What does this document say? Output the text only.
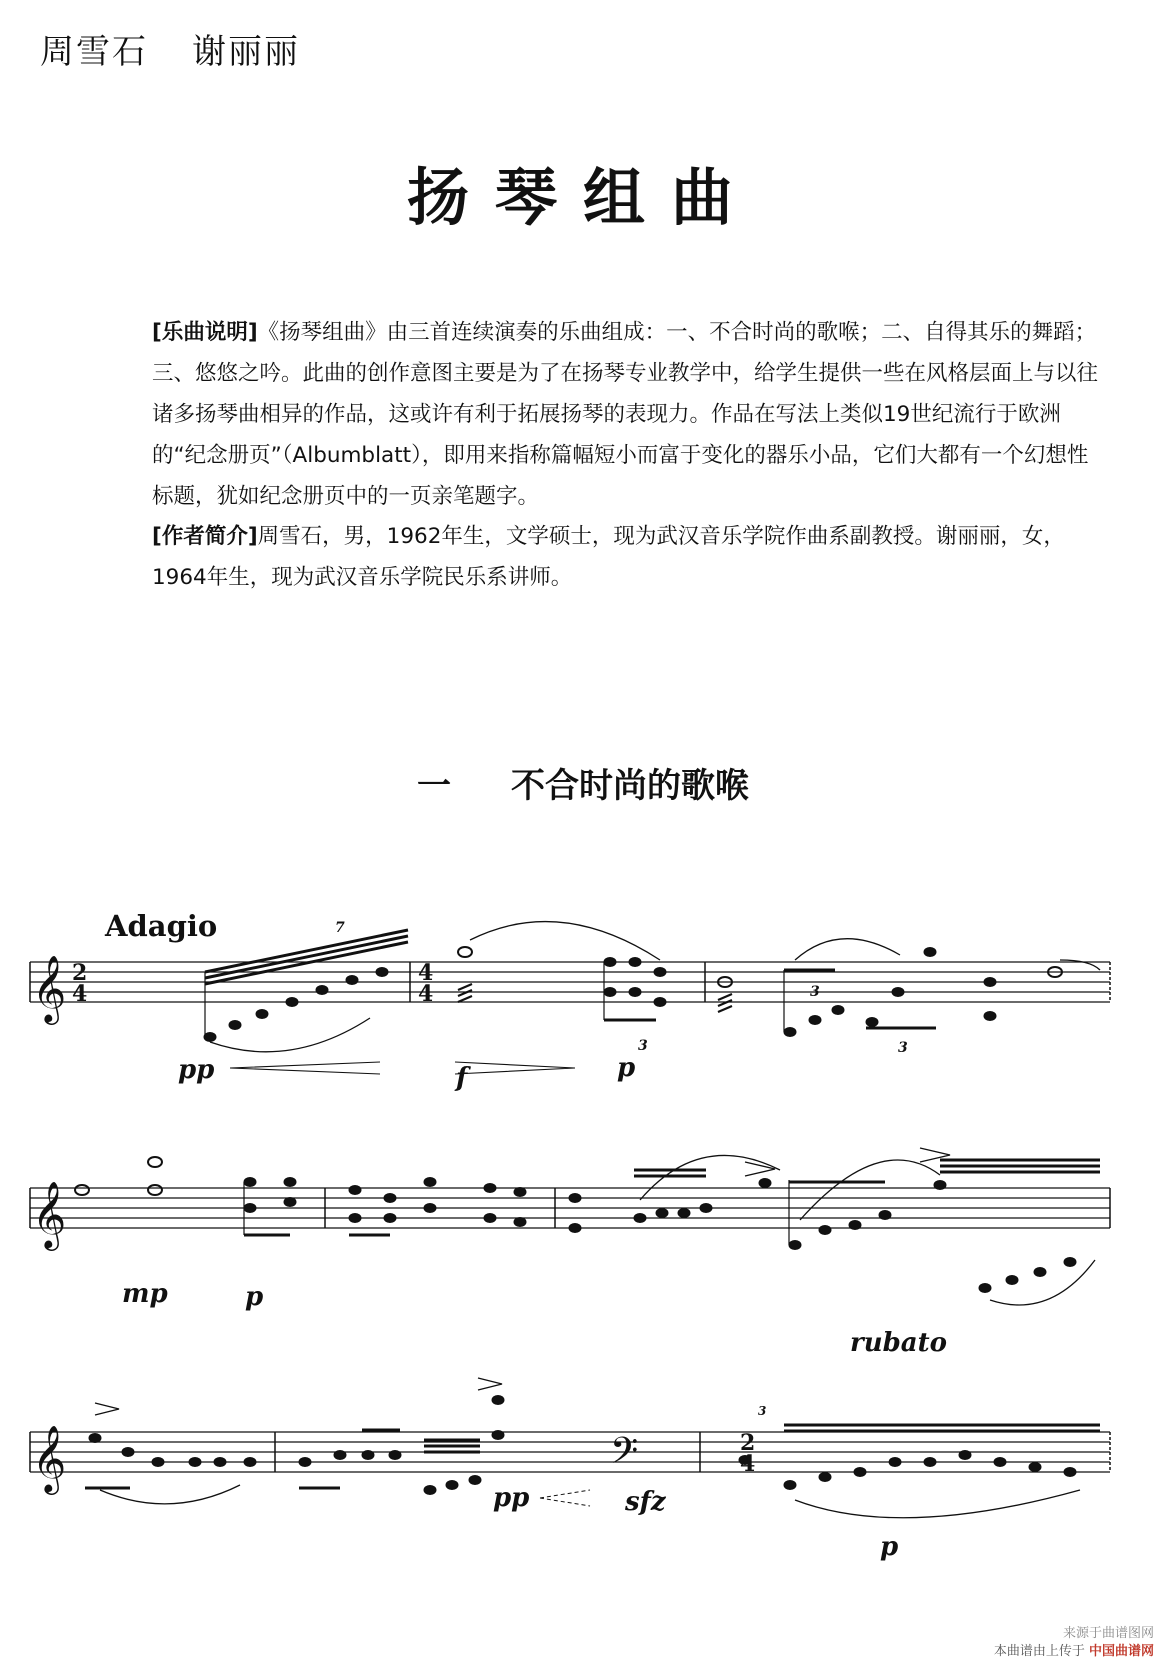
周雪石 谢丽丽
扬琴组曲
[乐曲说明]《扬琴组曲》由三首连续演奏的乐曲组成：一、不合时尚的歌喉；二、自得其乐的舞蹈；三、悠悠之吟。此曲的创作意图主要是为了在扬琴专业教学中，给学生提供一些在风格层面上与以往诸多扬琴曲相异的作品，这或许有利于拓展扬琴的表现力。作品在写法上类似19世纪流行于欧洲的“纪念册页”（Albumblatt），即用来指称篇幅短小而富于变化的器乐小品，它们大都有一个幻想性标题，犹如纪念册页中的一页亲笔题字。
[作者简介]周雪石，男，1962年生，文学硕士，现为武汉音乐学院作曲系副教授。谢丽丽，女，1964年生，现为武汉音乐学院民乐系讲师。
一 不合时尚的歌喉
𝄞
𝄞
𝄞
2
4
4
4
2
4
𝄢
7
3
3
3
3
Adagio
rubato
pp	f	p
mp	p
pp	sfz
p
来源于曲谱图网
本曲谱由上传于 中国曲谱网
